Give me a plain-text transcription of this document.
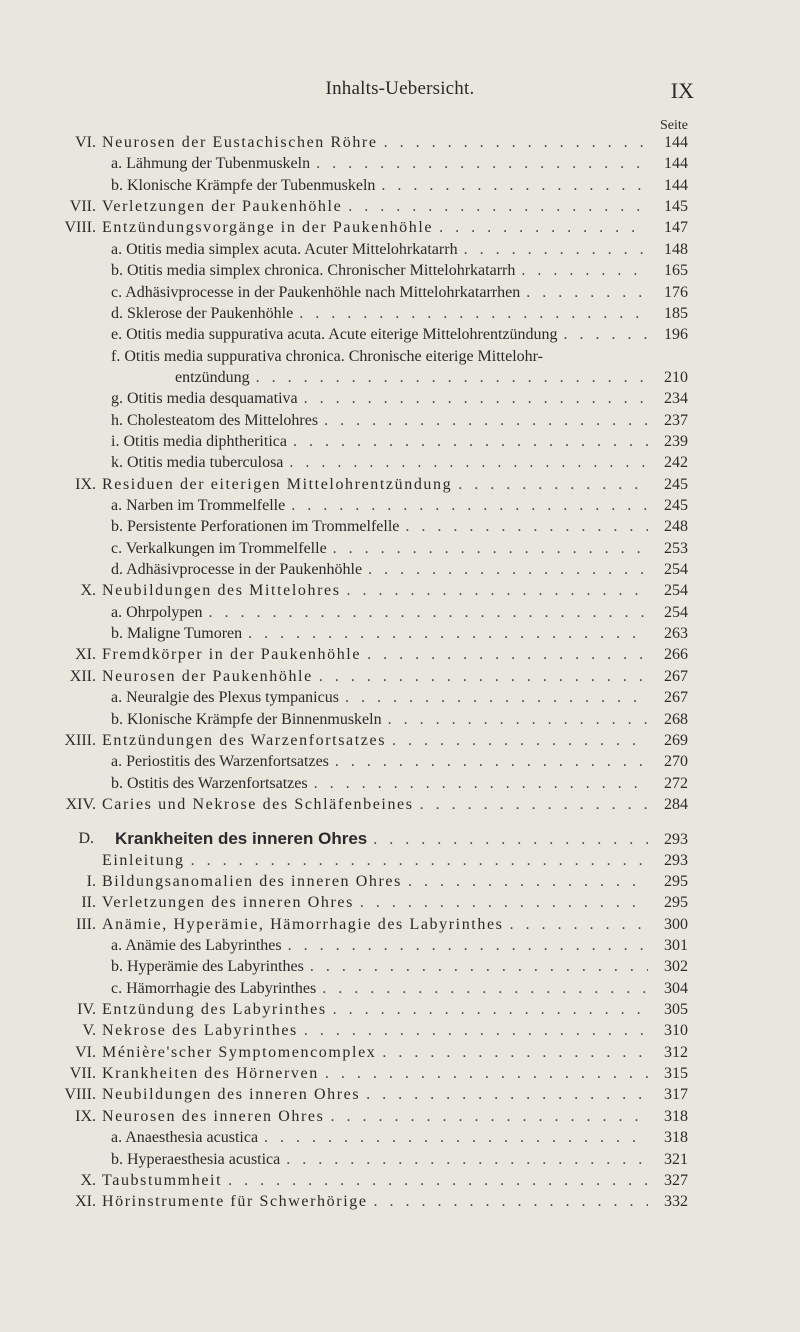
Inhalts-Uebersicht.	IX
Seite
VI. Neurosen der Eustachischen Röhre . . .	144
a. Lähmung der Tubenmuskeln . . .	144
b. Klonische Krämpfe der Tubenmuskeln . . .	144
VII. Verletzungen der Paukenhöhle . . .	145
VIII. Entzündungsvorgänge in der Paukenhöhle . . .	147
a. Otitis media simplex acuta. Acuter Mittelohrkatarrh . . .	148
b. Otitis media simplex chronica. Chronischer Mittelohrkatarrh . . .	165
c. Adhäsivprocesse in der Paukenhöhle nach Mittelohrkatarrhen . . .	176
d. Sklerose der Paukenhöhle . . .	185
e. Otitis media suppurativa acuta. Acute eiterige Mittelohrentzündung . . .	196
f. Otitis media suppurativa chronica. Chronische eiterige Mittelohr-
entzündung . . .	210
g. Otitis media desquamativa . . .	234
h. Cholesteatom des Mittelohres . . .	237
i. Otitis media diphtheritica . . .	239
k. Otitis media tuberculosa . . .	242
IX. Residuen der eiterigen Mittelohrentzündung . . .	245
a. Narben im Trommelfelle . . .	245
b. Persistente Perforationen im Trommelfelle . . .	248
c. Verkalkungen im Trommelfelle . . .	253
d. Adhäsivprocesse in der Paukenhöhle . . .	254
X. Neubildungen des Mittelohres . . .	254
a. Ohrpolypen . . .	254
b. Maligne Tumoren . . .	263
XI. Fremdkörper in der Paukenhöhle . . .	266
XII. Neurosen der Paukenhöhle . . .	267
a. Neuralgie des Plexus tympanicus . . .	267
b. Klonische Krämpfe der Binnenmuskeln . . .	268
XIII. Entzündungen des Warzenfortsatzes . . .	269
a. Periostitis des Warzenfortsatzes . . .	270
b. Ostitis des Warzenfortsatzes . . .	272
XIV. Caries und Nekrose des Schläfenbeines . . .	284
D. Krankheiten des inneren Ohres . . .	293
Einleitung . . .	293
I. Bildungsanomalien des inneren Ohres . . .	295
II. Verletzungen des inneren Ohres . . .	295
III. Anämie, Hyperämie, Hämorrhagie des Labyrinthes . . .	300
a. Anämie des Labyrinthes . . .	301
b. Hyperämie des Labyrinthes . . .	302
c. Hämorrhagie des Labyrinthes . . .	304
IV. Entzündung des Labyrinthes . . .	305
V. Nekrose des Labyrinthes . . .	310
VI. Ménière'scher Symptomencomplex . . .	312
VII. Krankheiten des Hörnerven . . .	315
VIII. Neubildungen des inneren Ohres . . .	317
IX. Neurosen des inneren Ohres . . .	318
a. Anaesthesia acustica . . .	318
b. Hyperaesthesia acustica . . .	321
X. Taubstummheit . . .	327
XI. Hörinstrumente für Schwerhörige . . .	332
